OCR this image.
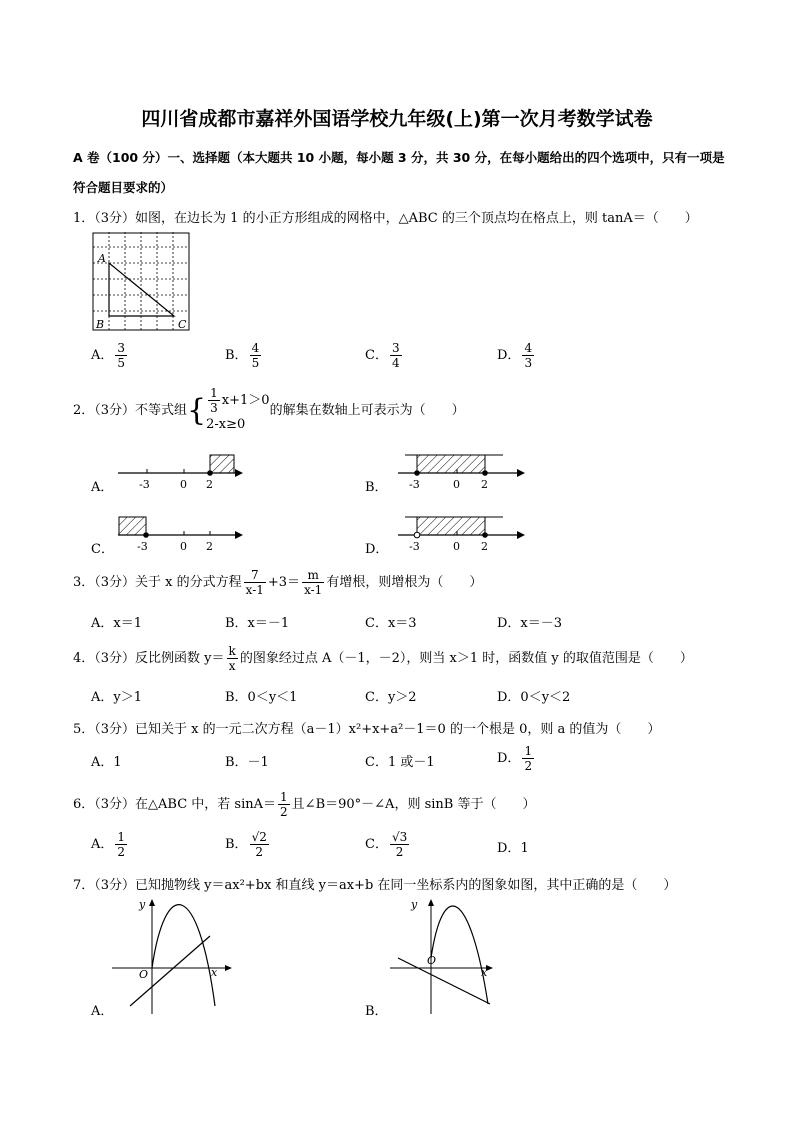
四川省成都市嘉祥外国语学校九年级(上)第一次月考数学试卷
A 卷（100 分）一、选择题（本大题共 10 小题，每小题 3 分，共 30 分，在每小题给出的四个选项中，只有一项是符合题目要求的）
1．（3分）如图，在边长为 1 的小正方形组成的网格中，△ABC 的三个顶点均在格点上，则 tanA＝（　　）
A
B	C
A． $\frac{3}{5}$	B． $\frac{4}{5}$	C． $\frac{3}{4}$	D． $\frac{4}{3}$
2．（3分）不等式组{ $\frac{1}{3} x+1>0$
2-x≥0
的解集在数轴上可表示为（　　）
A． -3	0 2	B． -3	0 2
C． -3	0 2	D． -3	0 2
3．（3分）关于 x 的分式方程 $\frac{7}{x-1} +3= \frac{m}{x-1}$ 有增根，则增根为（　　）
A．x＝1	B．x＝－1	C．x＝3	D．x＝－3
4．（3分）反比例函数 $y= \frac{k}{x}$ 的图象经过点 A（－1，－2），则当 x＞1 时，函数值 y 的取值范围是（　　）
A．y＞1	B．0＜y＜1	C．y＞2	D．0＜y＜2
5．（3分）已知关于 x 的一元二次方程（a－1）x²+x+a²－1＝0 的一个根是 0，则 a 的值为（　　）
A．1	B．－1	C．1 或－1	D． $\frac{1}{2}$
6．（3分）在△ABC 中，若 $\sin A= \frac{1}{2}$ 且∠B＝90°－∠A，则 sinB 等于（　　）
A． $\frac{1}{2}$	B． $\frac{√2}{2}$	C． $\frac{√3}{2}$	D．1
7．（3分）已知抛物线 y＝ax²+bx 和直线 y＝ax+b 在同一坐标系内的图象如图，其中正确的是（　　）
y
x
O
A．
y
x
O
B．
